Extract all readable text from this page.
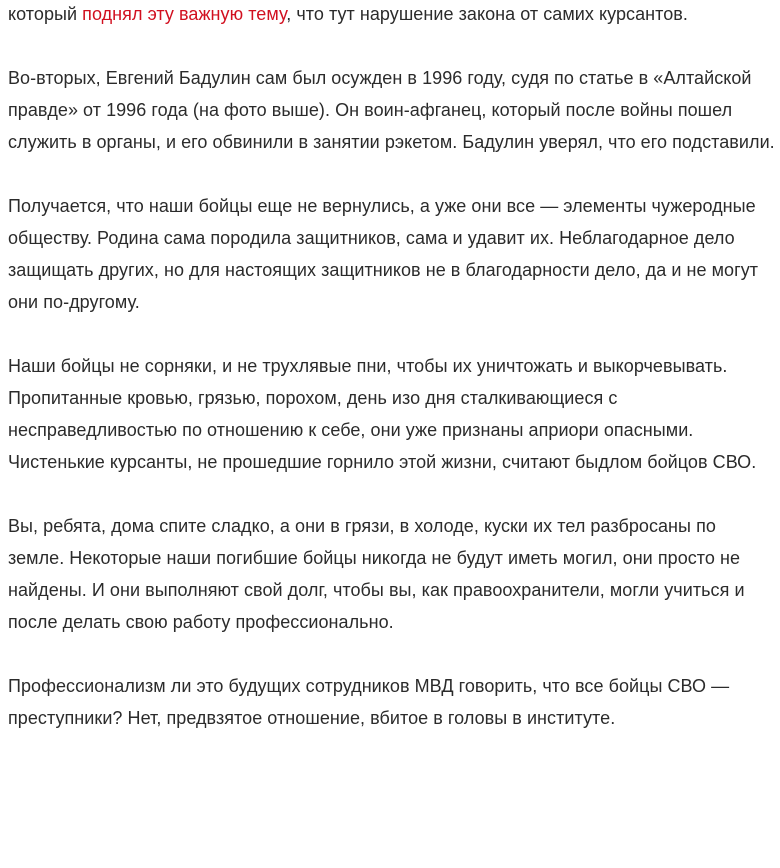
который поднял эту важную тему, что тут нарушение закона от самих курсантов.

Во-вторых, Евгений Бадулин сам был осужден в 1996 году, судя по статье в «Алтайской правде» от 1996 года (на фото выше). Он воин-афганец, который после войны пошел служить в органы, и его обвинили в занятии рэкетом. Бадулин уверял, что его подставили.

Получается, что наши бойцы еще не вернулись, а уже они все — элементы чужеродные обществу. Родина сама породила защитников, сама и удавит их. Неблагодарное дело защищать других, но для настоящих защитников не в благодарности дело, да и не могут они по-другому.

Наши бойцы не сорняки, и не трухлявые пни, чтобы их уничтожать и выкорчевывать. Пропитанные кровью, грязью, порохом, день изо дня сталкивающиеся с несправедливостью по отношению к себе, они уже признаны априори опасными. Чистенькие курсанты, не прошедшие горнило этой жизни, считают быдлом бойцов СВО.

Вы, ребята, дома спите сладко, а они в грязи, в холоде, куски их тел разбросаны по земле. Некоторые наши погибшие бойцы никогда не будут иметь могил, они просто не найдены. И они выполняют свой долг, чтобы вы, как правоохранители, могли учиться и после делать свою работу профессионально.

Профессионализм ли это будущих сотрудников МВД говорить, что все бойцы СВО — преступники? Нет, предвзятое отношение, вбитое в головы в институте.
